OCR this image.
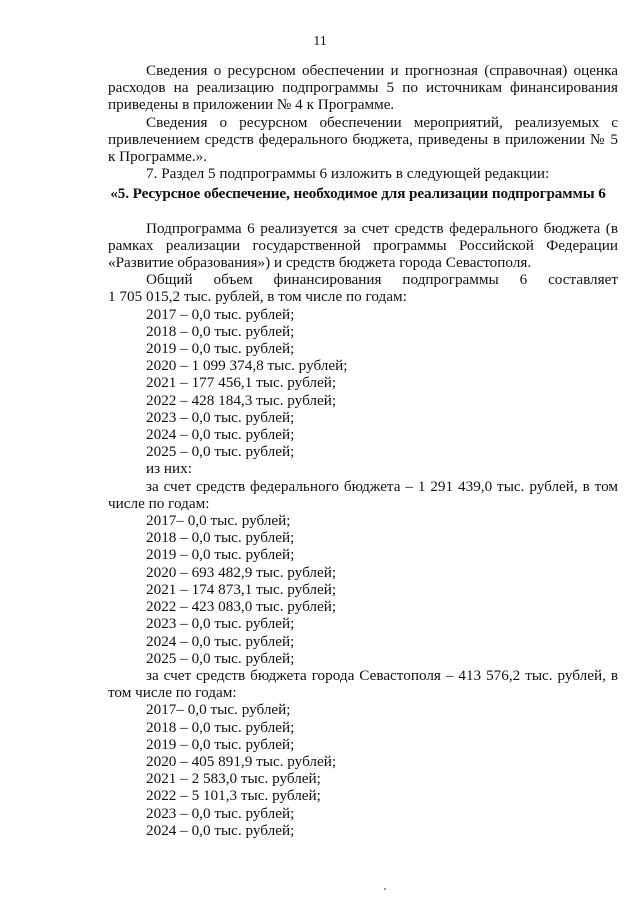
11

Сведения о ресурсном обеспечении и прогнозная (справочная) оценка расходов на реализацию подпрограммы 5 по источникам финансирования приведены в приложении № 4 к Программе.

Сведения о ресурсном обеспечении мероприятий, реализуемых с привлечением средств федерального бюджета, приведены в приложении № 5 к Программе.».

7. Раздел 5 подпрограммы 6 изложить в следующей редакции:

«5. Ресурсное обеспечение, необходимое для реализации подпрограммы 6

Подпрограмма 6 реализуется за счет средств федерального бюджета (в рамках реализации государственной программы Российской Федерации «Развитие образования») и средств бюджета города Севастополя.

Общий объем финансирования подпрограммы 6 составляет

1 705 015,2 тыс. рублей, в том числе по годам:
2017 – 0,0 тыс. рублей;
2018 – 0,0 тыс. рублей;
2019 – 0,0 тыс. рублей;
2020 – 1 099 374,8 тыс. рублей;
2021 – 177 456,1 тыс. рублей;
2022 – 428 184,3 тыс. рублей;
2023 – 0,0 тыс. рублей;
2024 – 0,0 тыс. рублей;
2025 – 0,0 тыс. рублей;
из них:

за счет средств федерального бюджета – 1 291 439,0 тыс. рублей, в том числе по годам:

2017– 0,0 тыс. рублей;
2018 – 0,0 тыс. рублей;
2019 – 0,0 тыс. рублей;
2020 – 693 482,9 тыс. рублей;
2021 – 174 873,1 тыс. рублей;
2022 – 423 083,0 тыс. рублей;
2023 – 0,0 тыс. рублей;
2024 – 0,0 тыс. рублей;
2025 – 0,0 тыс. рублей;

за счет средств бюджета города Севастополя – 413 576,2 тыс. рублей, в том числе по годам:

2017– 0,0 тыс. рублей;
2018 – 0,0 тыс. рублей;
2019 – 0,0 тыс. рублей;
2020 – 405 891,9 тыс. рублей;
2021 – 2 583,0 тыс. рублей;
2022 – 5 101,3 тыс. рублей;
2023 – 0,0 тыс. рублей;
2024 – 0,0 тыс. рублей;
